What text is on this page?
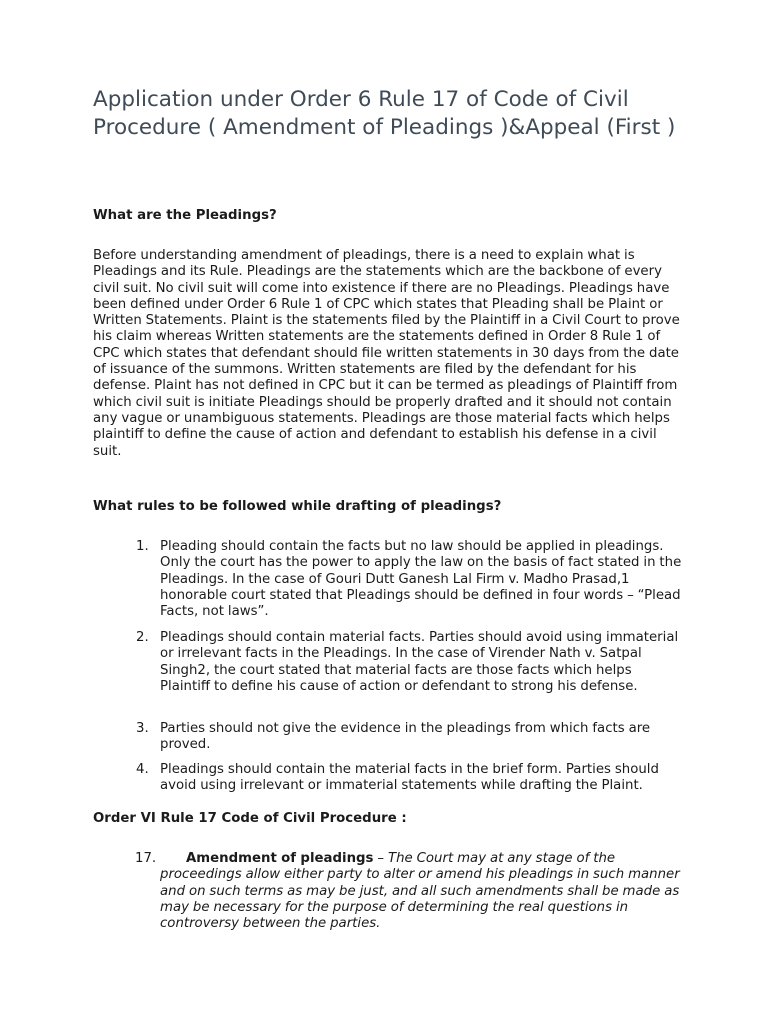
Application under Order 6 Rule 17 of Code of Civil Procedure ( Amendment of Pleadings )&Appeal (First )

What are the Pleadings?

Before understanding amendment of pleadings, there is a need to explain what is Pleadings and its Rule. Pleadings are the statements which are the backbone of every civil suit. No civil suit will come into existence if there are no Pleadings. Pleadings have been defined under Order 6 Rule 1 of CPC which states that Pleading shall be Plaint or Written Statements. Plaint is the statements filed by the Plaintiff in a Civil Court to prove his claim whereas Written statements are the statements defined in Order 8 Rule 1 of CPC which states that defendant should file written statements in 30 days from the date of issuance of the summons. Written statements are filed by the defendant for his defense. Plaint has not defined in CPC but it can be termed as pleadings of Plaintiff from which civil suit is initiate Pleadings should be properly drafted and it should not contain any vague or unambiguous statements. Pleadings are those material facts which helps plaintiff to define the cause of action and defendant to establish his defense in a civil suit.

What rules to be followed while drafting of pleadings?

1. Pleading should contain the facts but no law should be applied in pleadings. Only the court has the power to apply the law on the basis of fact stated in the Pleadings. In the case of Gouri Dutt Ganesh Lal Firm v. Madho Prasad,1 honorable court stated that Pleadings should be defined in four words – “Plead Facts, not laws”.
2. Pleadings should contain material facts. Parties should avoid using immaterial or irrelevant facts in the Pleadings. In the case of Virender Nath v. Satpal Singh2, the court stated that material facts are those facts which helps Plaintiff to define his cause of action or defendant to strong his defense.
3. Parties should not give the evidence in the pleadings from which facts are proved.
4. Pleadings should contain the material facts in the brief form. Parties should avoid using irrelevant or immaterial statements while drafting the Plaint.

Order VI Rule 17 Code of Civil Procedure :

17. Amendment of pleadings – The Court may at any stage of the proceedings allow either party to alter or amend his pleadings in such manner and on such terms as may be just, and all such amendments shall be made as may be necessary for the purpose of determining the real questions in controversy between the parties.
